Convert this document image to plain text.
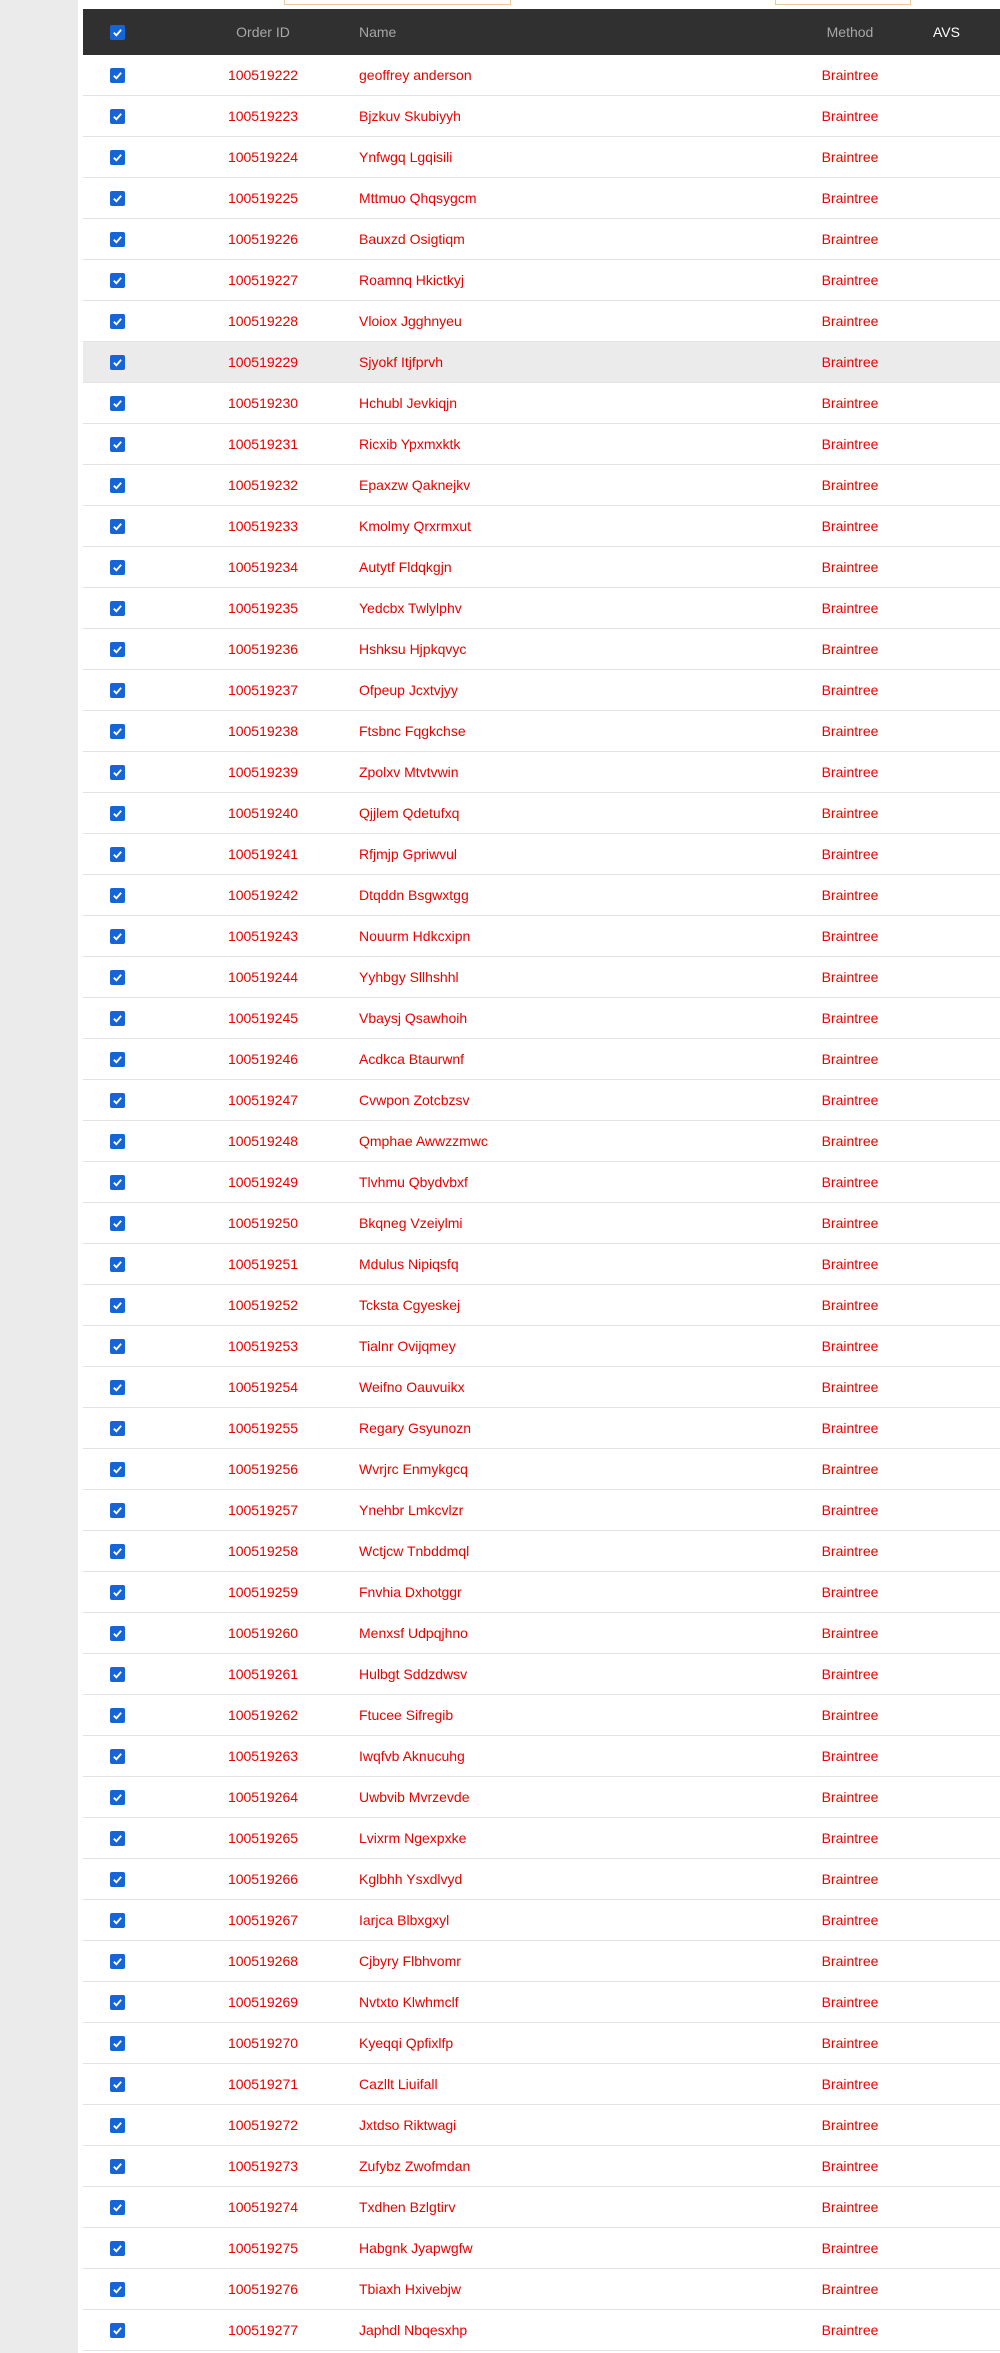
Order ID	Name	Method	AVS
100519222	geoffrey anderson	Braintree
100519223	Bjzkuv Skubiyyh	Braintree
100519224	Ynfwgq Lgqisili	Braintree
100519225	Mttmuo Qhqsygcm	Braintree
100519226	Bauxzd Osigtiqm	Braintree
100519227	Roamnq Hkictkyj	Braintree
100519228	Vloiox Jgghnyeu	Braintree
100519229	Sjyokf Itjfprvh	Braintree
100519230	Hchubl Jevkiqjn	Braintree
100519231	Ricxib Ypxmxktk	Braintree
100519232	Epaxzw Qaknejkv	Braintree
100519233	Kmolmy Qrxrmxut	Braintree
100519234	Autytf Fldqkgjn	Braintree
100519235	Yedcbx Twlylphv	Braintree
100519236	Hshksu Hjpkqvyc	Braintree
100519237	Ofpeup Jcxtvjyy	Braintree
100519238	Ftsbnc Fqgkchse	Braintree
100519239	Zpolxv Mtvtvwin	Braintree
100519240	Qjjlem Qdetufxq	Braintree
100519241	Rfjmjp Gpriwvul	Braintree
100519242	Dtqddn Bsgwxtgg	Braintree
100519243	Nouurm Hdkcxipn	Braintree
100519244	Yyhbgy Sllhshhl	Braintree
100519245	Vbaysj Qsawhoih	Braintree
100519246	Acdkca Btaurwnf	Braintree
100519247	Cvwpon Zotcbzsv	Braintree
100519248	Qmphae Awwzzmwc	Braintree
100519249	Tlvhmu Qbydvbxf	Braintree
100519250	Bkqneg Vzeiylmi	Braintree
100519251	Mdulus Nipiqsfq	Braintree
100519252	Tcksta Cgyeskej	Braintree
100519253	Tialnr Ovijqmey	Braintree
100519254	Weifno Oauvuikx	Braintree
100519255	Regary Gsyunozn	Braintree
100519256	Wvrjrc Enmykgcq	Braintree
100519257	Ynehbr Lmkcvlzr	Braintree
100519258	Wctjcw Tnbddmql	Braintree
100519259	Fnvhia Dxhotggr	Braintree
100519260	Menxsf Udpqjhno	Braintree
100519261	Hulbgt Sddzdwsv	Braintree
100519262	Ftucee Sifregib	Braintree
100519263	Iwqfvb Aknucuhg	Braintree
100519264	Uwbvib Mvrzevde	Braintree
100519265	Lvixrm Ngexpxke	Braintree
100519266	Kglbhh Ysxdlvyd	Braintree
100519267	Iarjca Blbxgxyl	Braintree
100519268	Cjbyry Flbhvomr	Braintree
100519269	Nvtxto Klwhmclf	Braintree
100519270	Kyeqqi Qpfixlfp	Braintree
100519271	Cazllt Liuifall	Braintree
100519272	Jxtdso Riktwagi	Braintree
100519273	Zufybz Zwofmdan	Braintree
100519274	Txdhen Bzlgtirv	Braintree
100519275	Habgnk Jyapwgfw	Braintree
100519276	Tbiaxh Hxivebjw	Braintree
100519277	Japhdl Nbqesxhp	Braintree
